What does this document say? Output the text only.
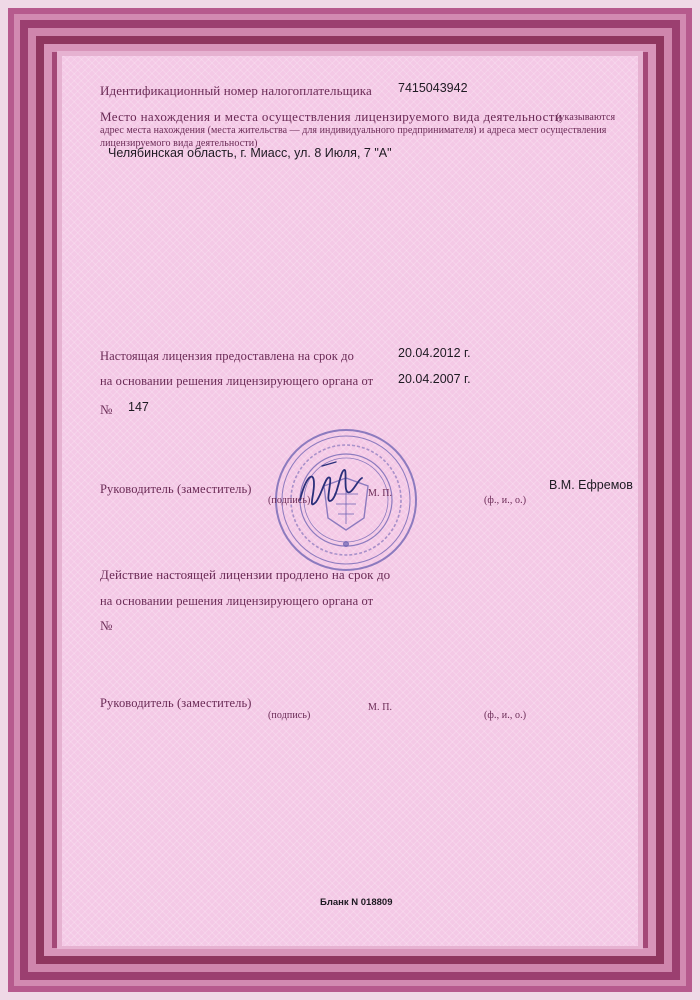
Идентификационный номер налогоплательщика 7415043942
Место нахождения и места осуществления лицензируемого вида деятельности
(указываются
адрес места нахождения (места жительства — для индивидуального предпринимателя) и адреса мест осуществления
лицензируемого вида деятельности)
Челябинская область, г. Миасс, ул. 8 Июля, 7 "А"
Настоящая лицензия предоставлена на срок до	20.04.2012 г.
на основании решения лицензирующего органа от 20.04.2007 г.
№ 147
Руководитель (заместитель)
(подпись)
М. П.
(ф., и., о.)
В.М. Ефремов
Действие настоящей лицензии продлено на срок до
на основании решения лицензирующего органа от
№
Руководитель (заместитель)
(подпись)
М. П.
(ф., и., о.)
Бланк N 018809
